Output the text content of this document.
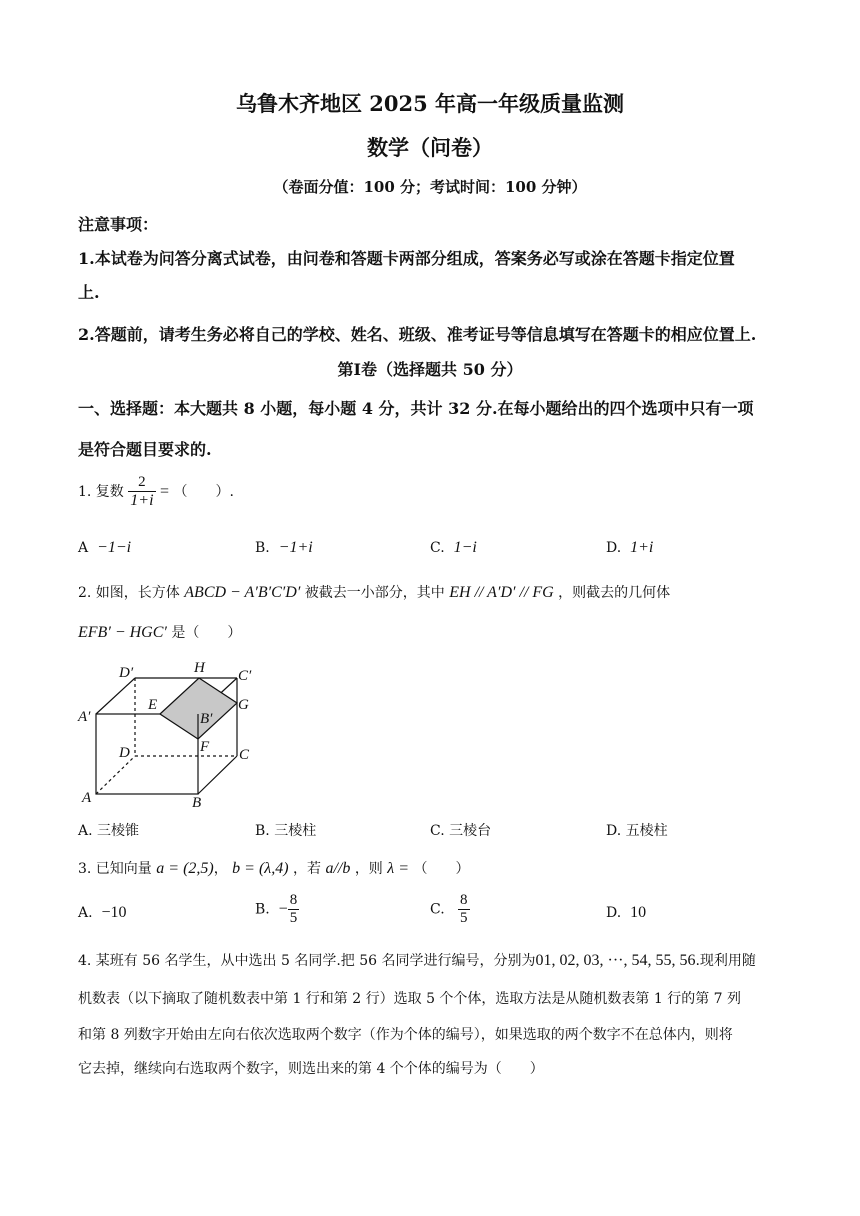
乌鲁木齐地区 2025 年高一年级质量监测
数学（问卷）
（卷面分值：100 分；考试时间：100 分钟）
注意事项：
1.本试卷为问答分离式试卷，由问卷和答题卡两部分组成，答案务必写或涂在答题卡指定位置
上.
2.答题前，请考生务必将自己的学校、姓名、班级、准考证号等信息填写在答题卡的相应位置上.
第Ⅰ卷（选择题共 50 分）
一、选择题：本大题共 8 小题，每小题 4 分，共计 32 分.在每小题给出的四个选项中只有一项
是符合题目要求的.
1. 复数 $\frac{2}{1+i}$ = （　　）.
A −1−i	B. −1+i	C. 1−i	D. 1+i
2. 如图，长方体 ABCD − A′B′C′D′ 被截去一小部分，其中 EH // A′D′ // FG ，则截去的几何体
EFB′ − HGC′ 是（　　）
D′	H C′
A′
E
B′
G
D	F C
A	B
A. 三棱锥	B. 三棱柱	C. 三棱台	D. 五棱柱
3. 已知向量 a = (2,5)， b = (λ,4) ，若 a//b ，则 λ = （　　）
A. −10	B. − $\frac{8}{5}$	C. $\frac{8}{5}$	D. 10
4. 某班有 56 名学生，从中选出 5 名同学.把 56 名同学进行编号，分别为01, 02, 03, ···, 54, 55, 56.现利用随
机数表（以下摘取了随机数表中第 1 行和第 2 行）选取 5 个个体，选取方法是从随机数表第 1 行的第 7 列
和第 8 列数字开始由左向右依次选取两个数字（作为个体的编号），如果选取的两个数字不在总体内，则将
它去掉，继续向右选取两个数字，则选出来的第 4 个个体的编号为（　　）
